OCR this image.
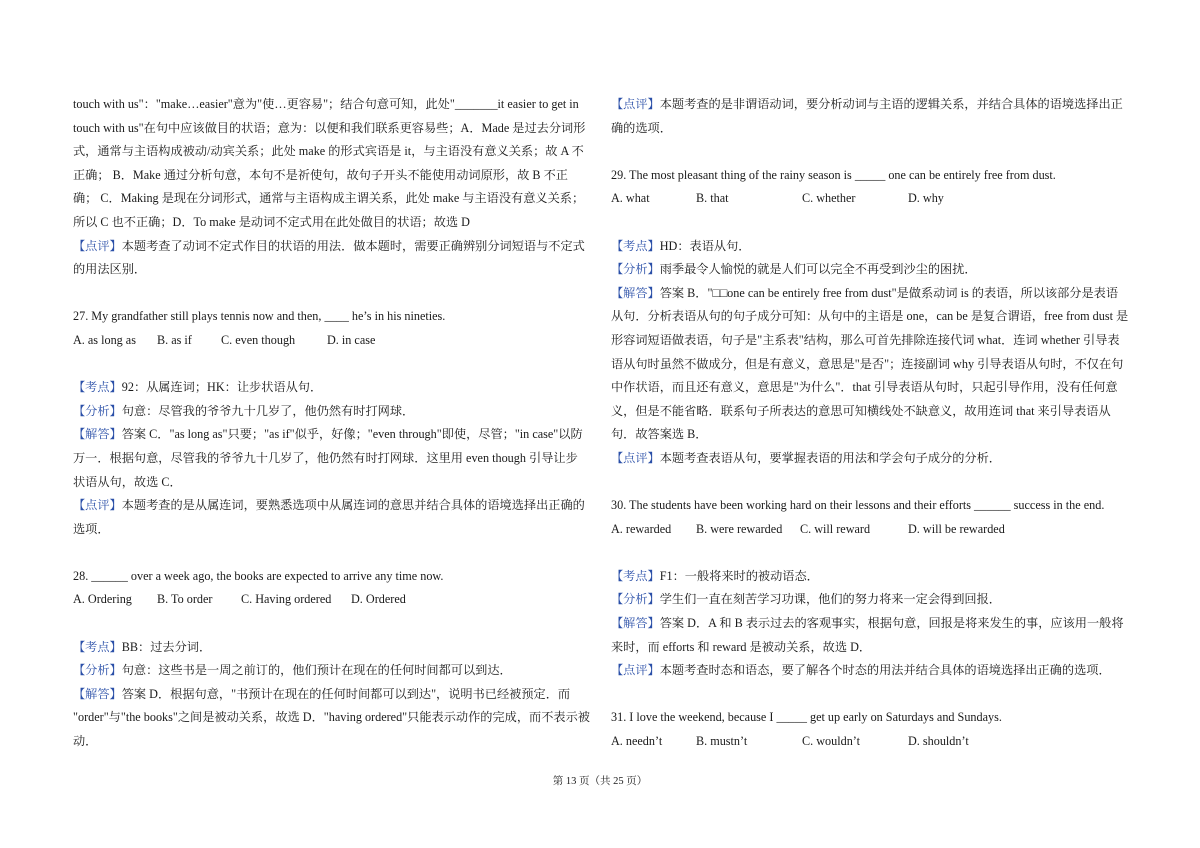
touch with us"："make…easier"意为"使…更容易"；结合句意可知，此处"_______it easier to get in
touch with us"在句中应该做目的状语；意为：以便和我们联系更容易些；A．Made 是过去分词形
式，通常与主语构成被动/动宾关系；此处 make 的形式宾语是 it，与主语没有意义关系；故 A 不
正确； B．Make 通过分析句意，本句不是祈使句，故句子开头不能使用动词原形，故 B 不正
确； C．Making 是现在分词形式，通常与主语构成主谓关系，此处 make 与主语没有意义关系；
所以 C 也不正确；D．To make 是动词不定式用在此处做目的状语；故选 D
【点评】本题考查了动词不定式作目的状语的用法．做本题时，需要正确辨别分词短语与不定式
的用法区别．
27. My grandfather still plays tennis now and then, ____ he’s in his nineties.
A. as long as	B. as if	C. even though	D. in case
【考点】92：从属连词；HK：让步状语从句．
【分析】句意：尽管我的爷爷九十几岁了，他仍然有时打网球．
【解答】答案 C．"as long as"只要；"as if"似乎，好像；"even through"即使，尽管；"in case"以防
万一．根据句意，尽管我的爷爷九十几岁了，他仍然有时打网球．这里用 even though 引导让步
状语从句，故选 C．
【点评】本题考查的是从属连词，要熟悉选项中从属连词的意思并结合具体的语境选择出正确的
选项．
28. ______ over a week ago, the books are expected to arrive any time now.
A. Ordering	B. To order	C. Having ordered	D. Ordered
【考点】BB：过去分词．
【分析】句意：这些书是一周之前订的，他们预计在现在的任何时间都可以到达．
【解答】答案 D．根据句意，"书预计在现在的任何时间都可以到达"，说明书已经被预定．而
"order"与"the books"之间是被动关系，故选 D．"having ordered"只能表示动作的完成，而不表示被
动．
【点评】本题考查的是非谓语动词，要分析动词与主语的逻辑关系，并结合具体的语境选择出正
确的选项．
29. The most pleasant thing of the rainy season is _____ one can be entirely free from dust.
A. what	B. that	C. whether	D. why
【考点】HD：表语从句．
【分析】雨季最令人愉悦的就是人们可以完全不再受到沙尘的困扰．
【解答】答案 B．"□□one can be entirely free from dust"是做系动词 is 的表语，所以该部分是表语
从句．分析表语从句的句子成分可知：从句中的主语是 one，can be 是复合谓语，free from dust 是
形容词短语做表语，句子是"主系表"结构，那么可首先排除连接代词 what．连词 whether 引导表
语从句时虽然不做成分，但是有意义，意思是"是否"；连接副词 why 引导表语从句时，不仅在句
中作状语，而且还有意义，意思是"为什么"．that 引导表语从句时，只起引导作用，没有任何意
义，但是不能省略．联系句子所表达的意思可知横线处不缺意义，故用连词 that 来引导表语从
句．故答案选 B．
【点评】本题考查表语从句，要掌握表语的用法和学会句子成分的分析．
30. The students have been working hard on their lessons and their efforts ______ success in the end.
A. rewarded	B. were rewarded	C. will reward	D. will be rewarded
【考点】F1：一般将来时的被动语态．
【分析】学生们一直在刻苦学习功课，他们的努力将来一定会得到回报．
【解答】答案 D．A 和 B 表示过去的客观事实，根据句意，回报是将来发生的事，应该用一般将
来时，而 efforts 和 reward 是被动关系，故选 D．
【点评】本题考查时态和语态，要了解各个时态的用法并结合具体的语境选择出正确的选项．
31. I love the weekend, because I _____ get up early on Saturdays and Sundays.
A. needn’t	B. mustn’t	C. wouldn’t	D. shouldn’t
第 13 页（共 25 页）
